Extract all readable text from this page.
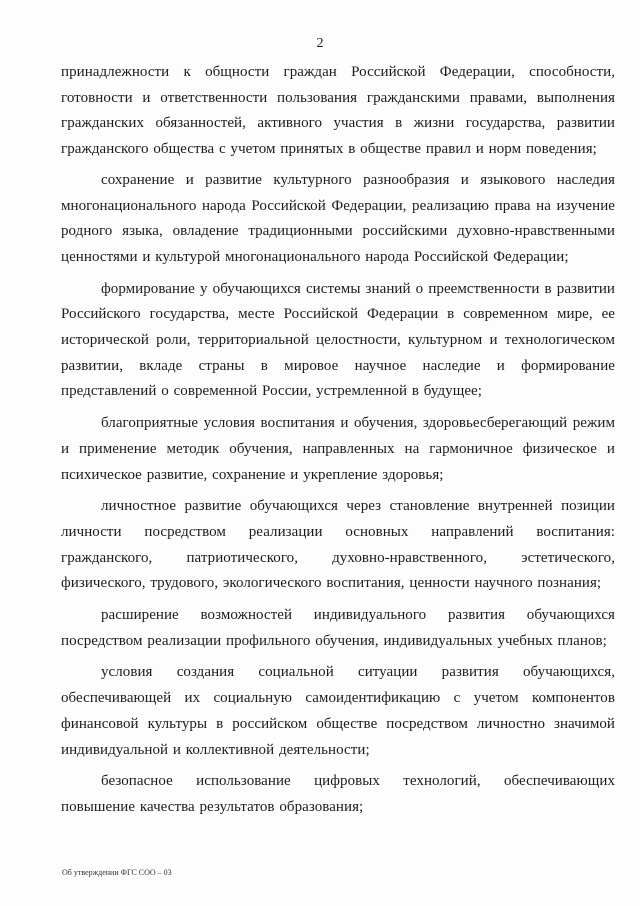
2

принадлежности к общности граждан Российской Федерации, способности, готовности и ответственности пользования гражданскими правами, выполнения гражданских обязанностей, активного участия в жизни государства, развитии гражданского общества с учетом принятых в обществе правил и норм поведения;

сохранение и развитие культурного разнообразия и языкового наследия многонационального народа Российской Федерации, реализацию права на изучение родного языка, овладение традиционными российскими духовно-нравственными ценностями и культурой многонационального народа Российской Федерации;

формирование у обучающихся системы знаний о преемственности в развитии Российского государства, месте Российской Федерации в современном мире, ее исторической роли, территориальной целостности, культурном и технологическом развитии, вкладе страны в мировое научное наследие и формирование представлений о современной России, устремленной в будущее;

благоприятные условия воспитания и обучения, здоровьесберегающий режим и применение методик обучения, направленных на гармоничное физическое и психическое развитие, сохранение и укрепление здоровья;

личностное развитие обучающихся через становление внутренней позиции личности посредством реализации основных направлений воспитания: гражданского, патриотического, духовно-нравственного, эстетического, физического, трудового, экологического воспитания, ценности научного познания;

расширение возможностей индивидуального развития обучающихся посредством реализации профильного обучения, индивидуальных учебных планов;

условия создания социальной ситуации развития обучающихся, обеспечивающей их социальную самоидентификацию с учетом компонентов финансовой культуры в российском обществе посредством личностно значимой индивидуальной и коллективной деятельности;

безопасное использование цифровых технологий, обеспечивающих повышение качества результатов образования;

Об утверждении ФГС СОО – 03
